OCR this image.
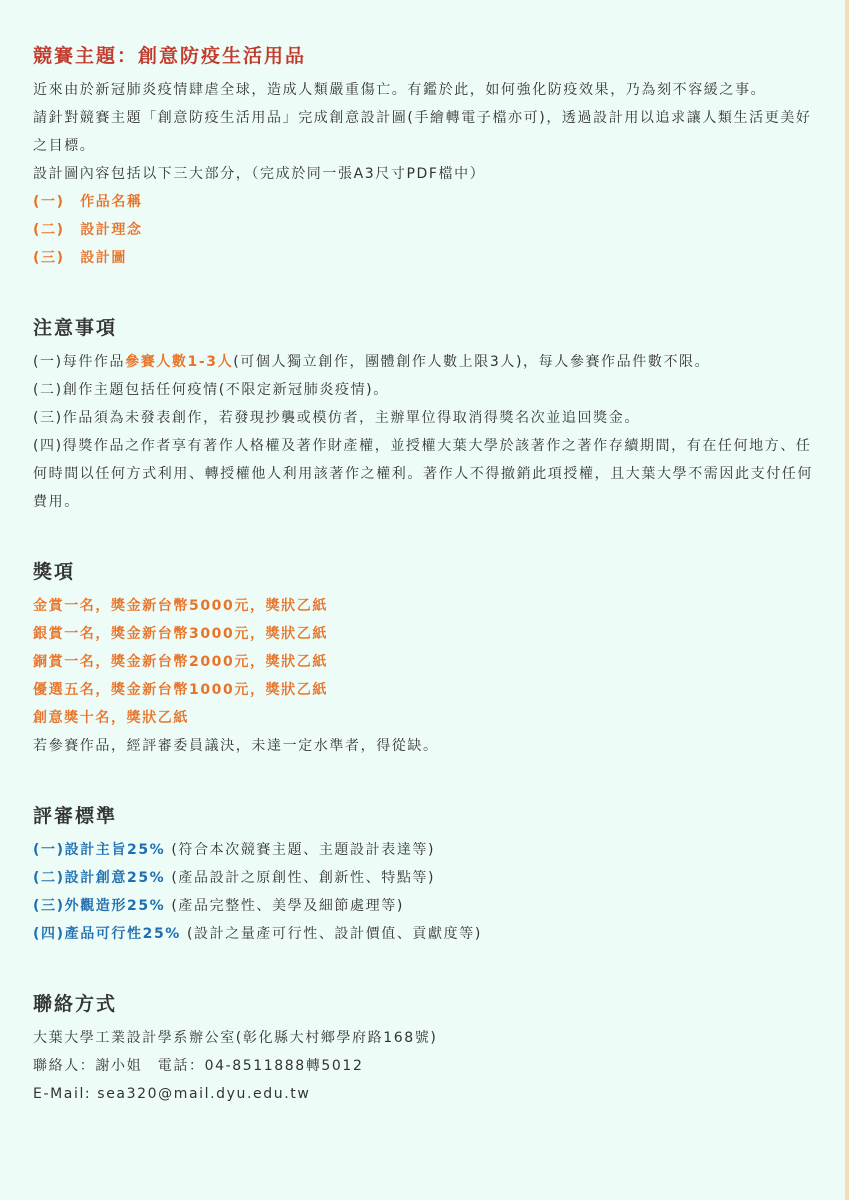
競賽主題：創意防疫生活用品

近來由於新冠肺炎疫情肆虐全球，造成人類嚴重傷亡。有鑑於此，如何強化防疫效果，乃為刻不容緩之事。

請針對競賽主題「創意防疫生活用品」完成創意設計圖(手繪轉電子檔亦可)，透過設計用以追求讓人類生活更美好之目標。

設計圖內容包括以下三大部分，（完成於同一張A3尺寸PDF檔中）

(一)　作品名稱

(二)　設計理念

(三)　設計圖

注意事項

(一)每件作品參賽人數1-3人(可個人獨立創作，團體創作人數上限3人)，每人參賽作品件數不限。

(二)創作主題包括任何疫情(不限定新冠肺炎疫情)。

(三)作品須為未發表創作，若發現抄襲或模仿者，主辦單位得取消得獎名次並追回獎金。

(四)得獎作品之作者享有著作人格權及著作財產權，並授權大葉大學於該著作之著作存續期間，有在任何地方、任何時間以任何方式利用、轉授權他人利用該著作之權利。著作人不得撤銷此項授權，且大葉大學不需因此支付任何費用。

獎項

金賞一名，獎金新台幣5000元，獎狀乙紙

銀賞一名，獎金新台幣3000元，獎狀乙紙

銅賞一名，獎金新台幣2000元，獎狀乙紙

優選五名，獎金新台幣1000元，獎狀乙紙

創意獎十名，獎狀乙紙

若參賽作品，經評審委員議決，未達一定水準者，得從缺。

評審標準

(一)設計主旨25% (符合本次競賽主題、主題設計表達等)

(二)設計創意25% (產品設計之原創性、創新性、特點等)

(三)外觀造形25% (產品完整性、美學及細節處理等)

(四)產品可行性25% (設計之量產可行性、設計價值、貢獻度等)

聯絡方式

大葉大學工業設計學系辦公室(彰化縣大村鄉學府路168號)

聯絡人：謝小姐　電話：04-8511888轉5012

E-Mail: sea320@mail.dyu.edu.tw
